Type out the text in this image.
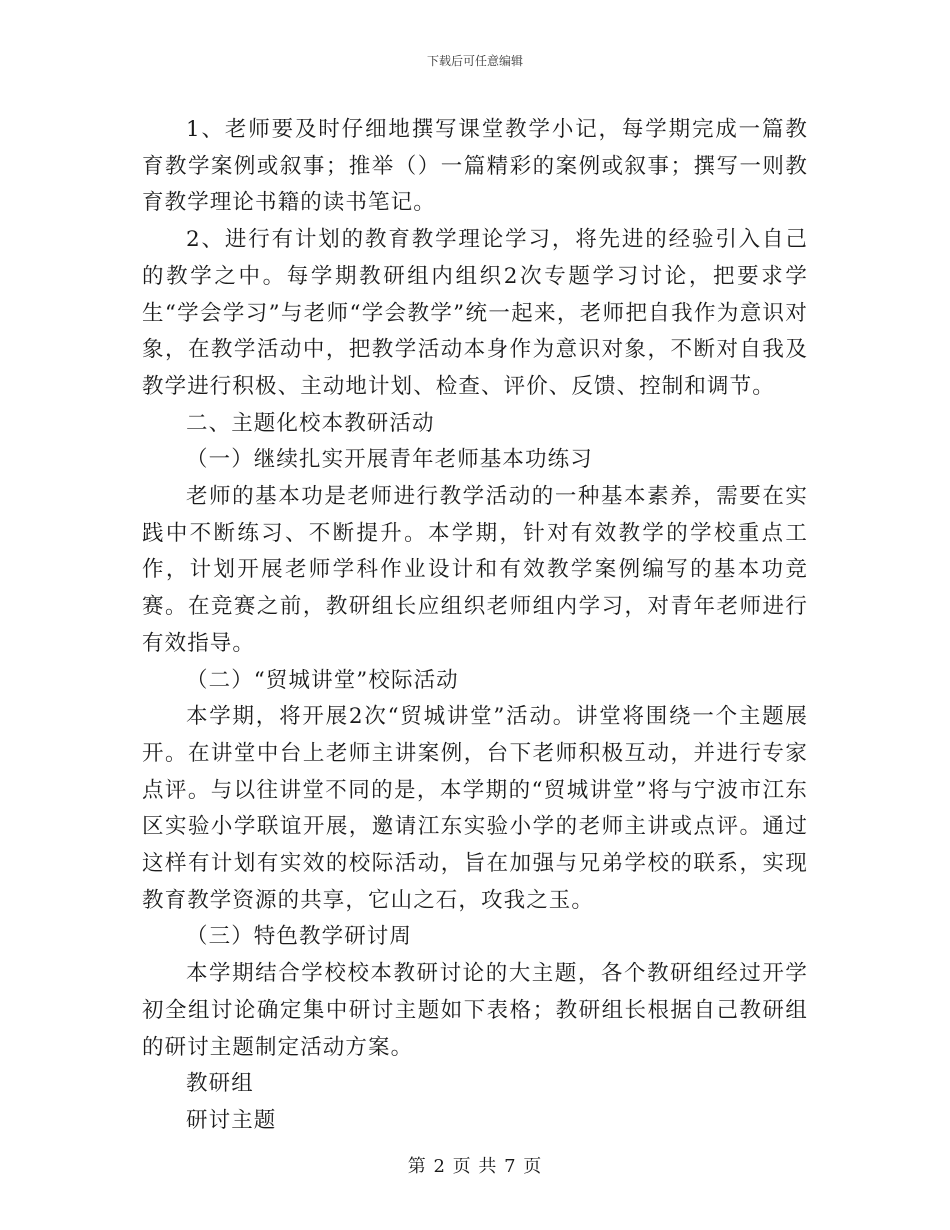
下载后可任意编辑

1、老师要及时仔细地撰写课堂教学小记，每学期完成一篇教育教学案例或叙事；推举（）一篇精彩的案例或叙事；撰写一则教育教学理论书籍的读书笔记。

2、进行有计划的教育教学理论学习，将先进的经验引入自己的教学之中。每学期教研组内组织2次专题学习讨论，把要求学生“学会学习”与老师“学会教学”统一起来，老师把自我作为意识对象，在教学活动中，把教学活动本身作为意识对象，不断对自我及教学进行积极、主动地计划、检查、评价、反馈、控制和调节。

二、主题化校本教研活动

（一）继续扎实开展青年老师基本功练习

老师的基本功是老师进行教学活动的一种基本素养，需要在实践中不断练习、不断提升。本学期，针对有效教学的学校重点工作，计划开展老师学科作业设计和有效教学案例编写的基本功竞赛。在竞赛之前，教研组长应组织老师组内学习，对青年老师进行有效指导。

（二）“贸城讲堂”校际活动

本学期，将开展2次“贸城讲堂”活动。讲堂将围绕一个主题展开。在讲堂中台上老师主讲案例，台下老师积极互动，并进行专家点评。与以往讲堂不同的是，本学期的“贸城讲堂”将与宁波市江东区实验小学联谊开展，邀请江东实验小学的老师主讲或点评。通过这样有计划有实效的校际活动，旨在加强与兄弟学校的联系，实现教育教学资源的共享，它山之石，攻我之玉。

（三）特色教学研讨周

本学期结合学校校本教研讨论的大主题，各个教研组经过开学初全组讨论确定集中研讨主题如下表格；教研组长根据自己教研组的研讨主题制定活动方案。

教研组

研讨主题

第 2 页 共 7 页
